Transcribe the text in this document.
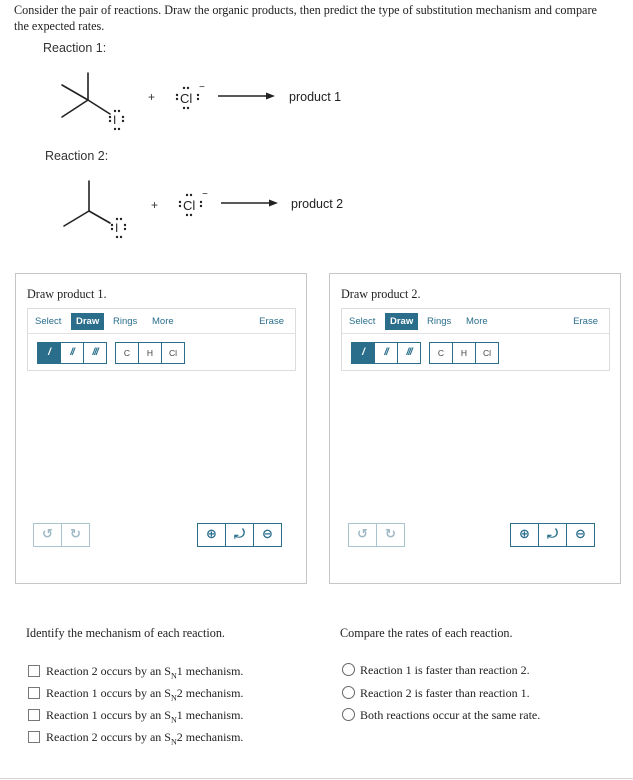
Consider the pair of reactions. Draw the organic products, then predict the type of substitution mechanism and compare the expected rates.
Reaction 1:
I
+ Cl
−
→ product 1
Reaction 2:
I
+ Cl
−
→ product 2
Draw product 1.
Select	Draw	Rings	More	Erase
/	//	///	C	H	Cl
↺	↻	⊕	⤾	⊖
Draw product 2.
Select	Draw	Rings	More	Erase
/	//	///	C	H	Cl
↺	↻	⊕	⤾	⊖
Identify the mechanism of each reaction.
Reaction 2 occurs by an $S_N1$ mechanism.
Reaction 1 occurs by an $S_N2$ mechanism.
Reaction 1 occurs by an $S_N1$ mechanism.
Reaction 2 occurs by an $S_N2$ mechanism.
Compare the rates of each reaction.
Reaction 1 is faster than reaction 2.
Reaction 2 is faster than reaction 1.
Both reactions occur at the same rate.
